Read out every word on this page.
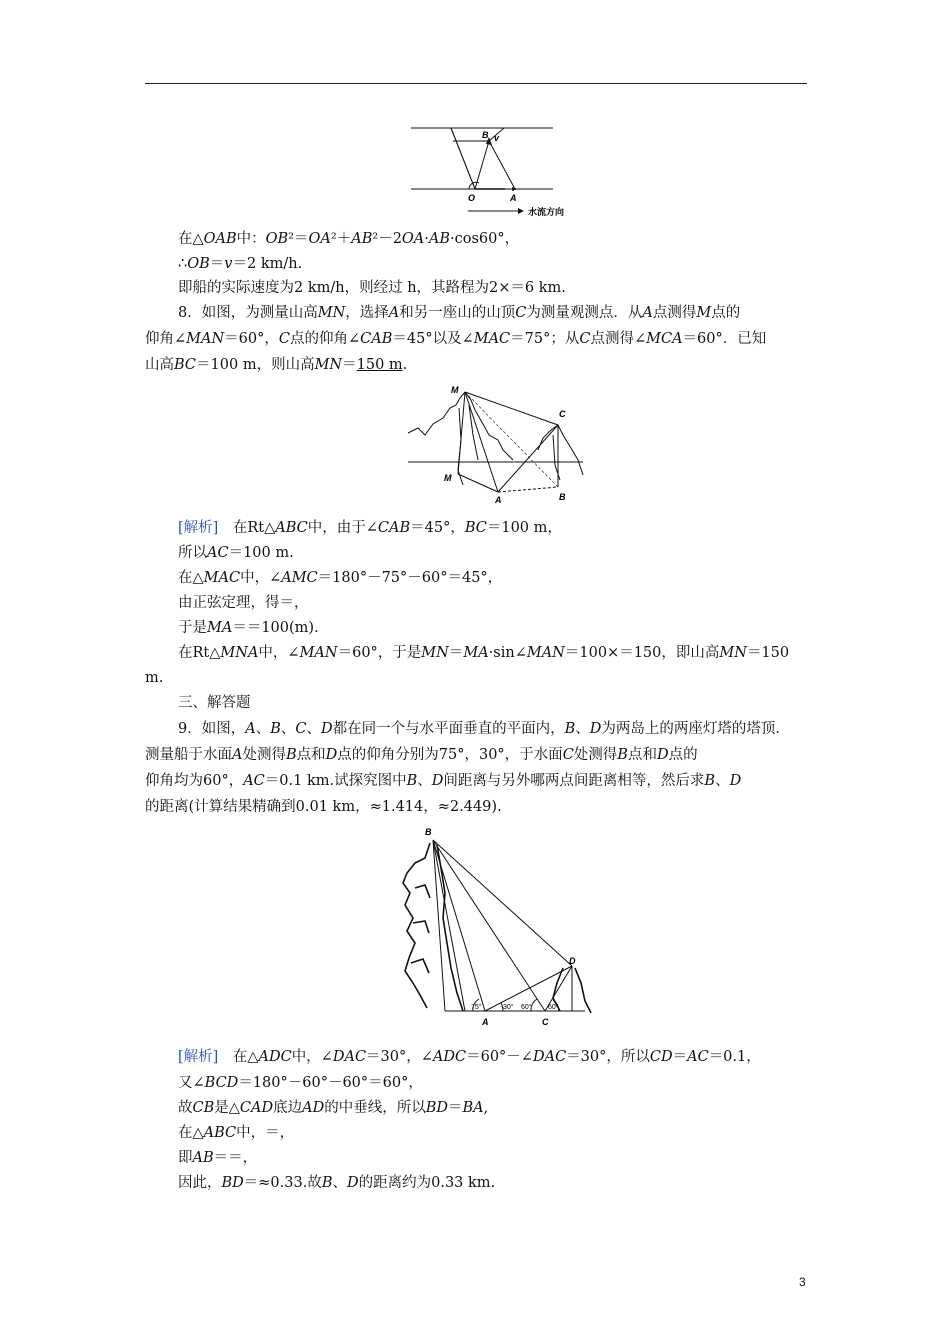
B v
O	A
水流方向
在△OAB中：OB²＝OA²＋AB²－2OA·AB·cos60°，
∴OB＝v＝2 km/h.
即船的实际速度为2 km/h，则经过 h，其路程为2×＝6 km.
8．如图，为测量山高MN，选择A和另一座山的山顶C为测量观测点．从A点测得M点的
仰角∠MAN＝60°，C点的仰角∠CAB＝45°以及∠MAC＝75°；从C点测得∠MCA＝60°．已知
山高BC＝100 m，则山高MN＝150 m.
M
C
M
A	B
[解析]　 在Rt△ABC中，由于∠CAB＝45°，BC＝100 m，
所以AC＝100 m.
在△MAC中，∠AMC＝180°－75°－60°＝45°，
由正弦定理，得＝，
于是MA＝＝100(m).
在Rt△MNA中，∠MAN＝60°，于是MN＝MA·sin∠MAN＝100×＝150，即山高MN＝150
m.
三、解答题
9．如图，A、B、C、D都在同一个与水平面垂直的平面内，B、D为两岛上的两座灯塔的塔顶．
测量船于水面A处测得B点和D点的仰角分别为75°，30°，于水面C处测得B点和D点的
仰角均为60°，AC＝0.1 km.试探究图中B、D间距离与另外哪两点间距离相等，然后求B、D
的距离(计算结果精确到0.01 km，≈1.414，≈2.449).
B
D
A	C
75°	30° 60° 60°
[解析]　 在△ADC中，∠DAC＝30°，∠ADC＝60°－∠DAC＝30°，所以CD＝AC＝0.1，
又∠BCD＝180°－60°－60°＝60°，
故CB是△CAD底边AD的中垂线，所以BD＝BA,
在△ABC中，＝，
即AB＝＝，
因此，BD＝≈0.33.故B、D的距离约为0.33 km.
3
